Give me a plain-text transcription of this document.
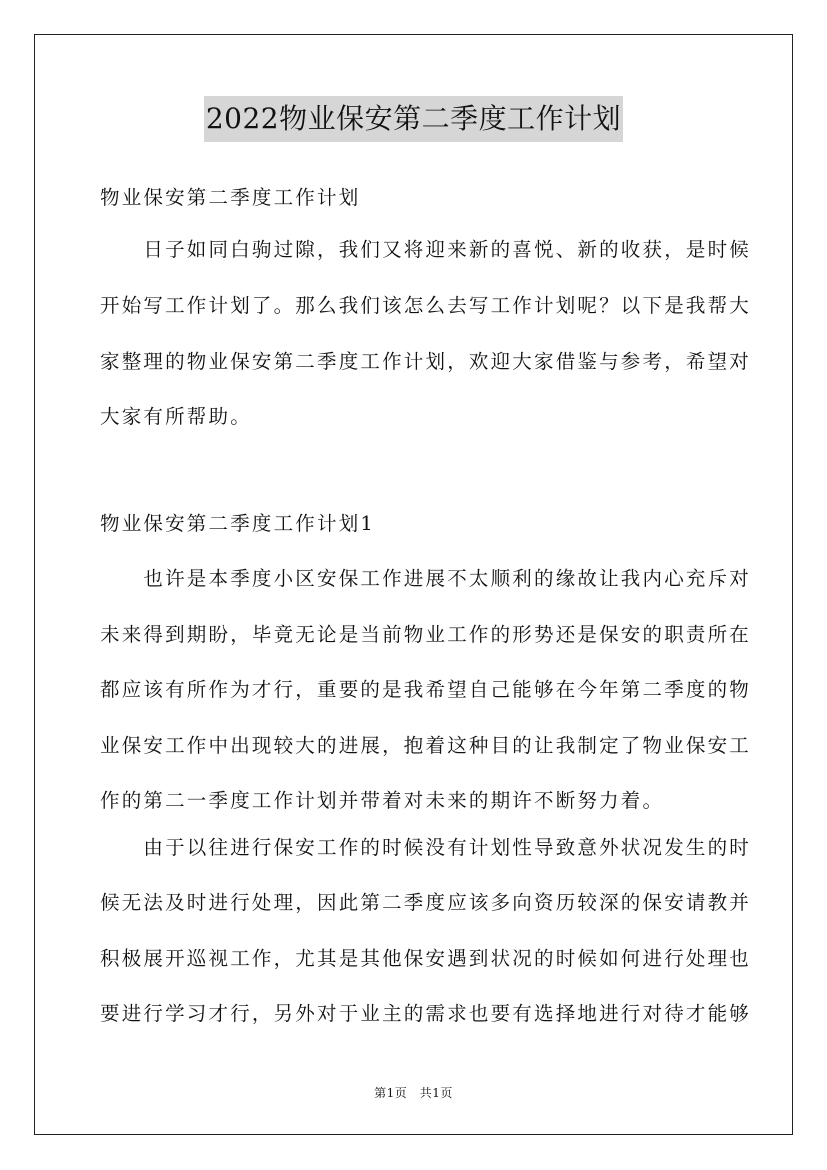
2022物业保安第二季度工作计划
物业保安第二季度工作计划
　　日子如同白驹过隙，我们又将迎来新的喜悦、新的收获，是时候
开始写工作计划了。那么我们该怎么去写工作计划呢？以下是我帮大
家整理的物业保安第二季度工作计划，欢迎大家借鉴与参考，希望对
大家有所帮助。
物业保安第二季度工作计划1
　　也许是本季度小区安保工作进展不太顺利的缘故让我内心充斥对
未来得到期盼，毕竟无论是当前物业工作的形势还是保安的职责所在
都应该有所作为才行，重要的是我希望自己能够在今年第二季度的物
业保安工作中出现较大的进展，抱着这种目的让我制定了物业保安工
作的第二一季度工作计划并带着对未来的期许不断努力着。
　　由于以往进行保安工作的时候没有计划性导致意外状况发生的时
候无法及时进行处理，因此第二季度应该多向资历较深的保安请教并
积极展开巡视工作，尤其是其他保安遇到状况的时候如何进行处理也
要进行学习才行，另外对于业主的需求也要有选择地进行对待才能够
第1页　共1页
